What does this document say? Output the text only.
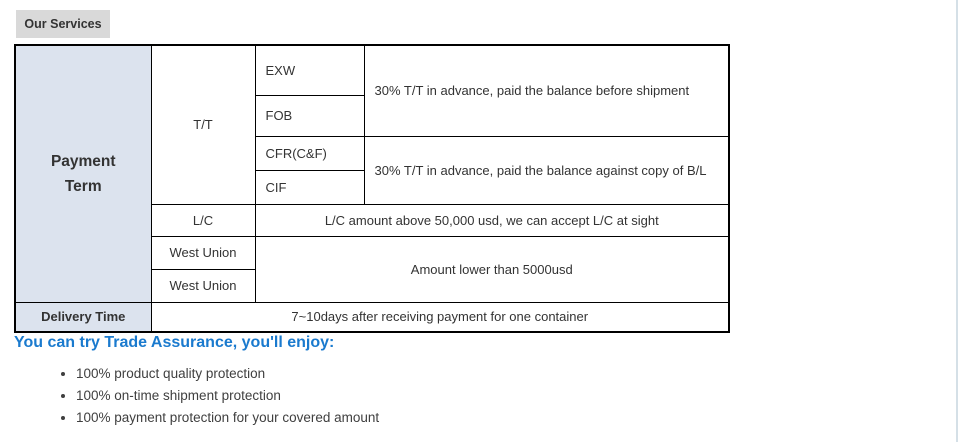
Our Services
Payment Term	T/T	EXW	30% T/T in advance, paid the balance before shipment
		FOB	
		CFR(C&F)	30% T/T in advance, paid the balance against copy of B/L
		CIF	
	L/C	L/C amount above 50,000 usd, we can accept L/C at sight	
	West Union	Amount lower than 5000usd	
	West Union		
Delivery Time	7~10days after receiving payment for one container		
You can try Trade Assurance, you'll enjoy:
• 100% product quality protection
• 100% on-time shipment protection
• 100% payment protection for your covered amount
